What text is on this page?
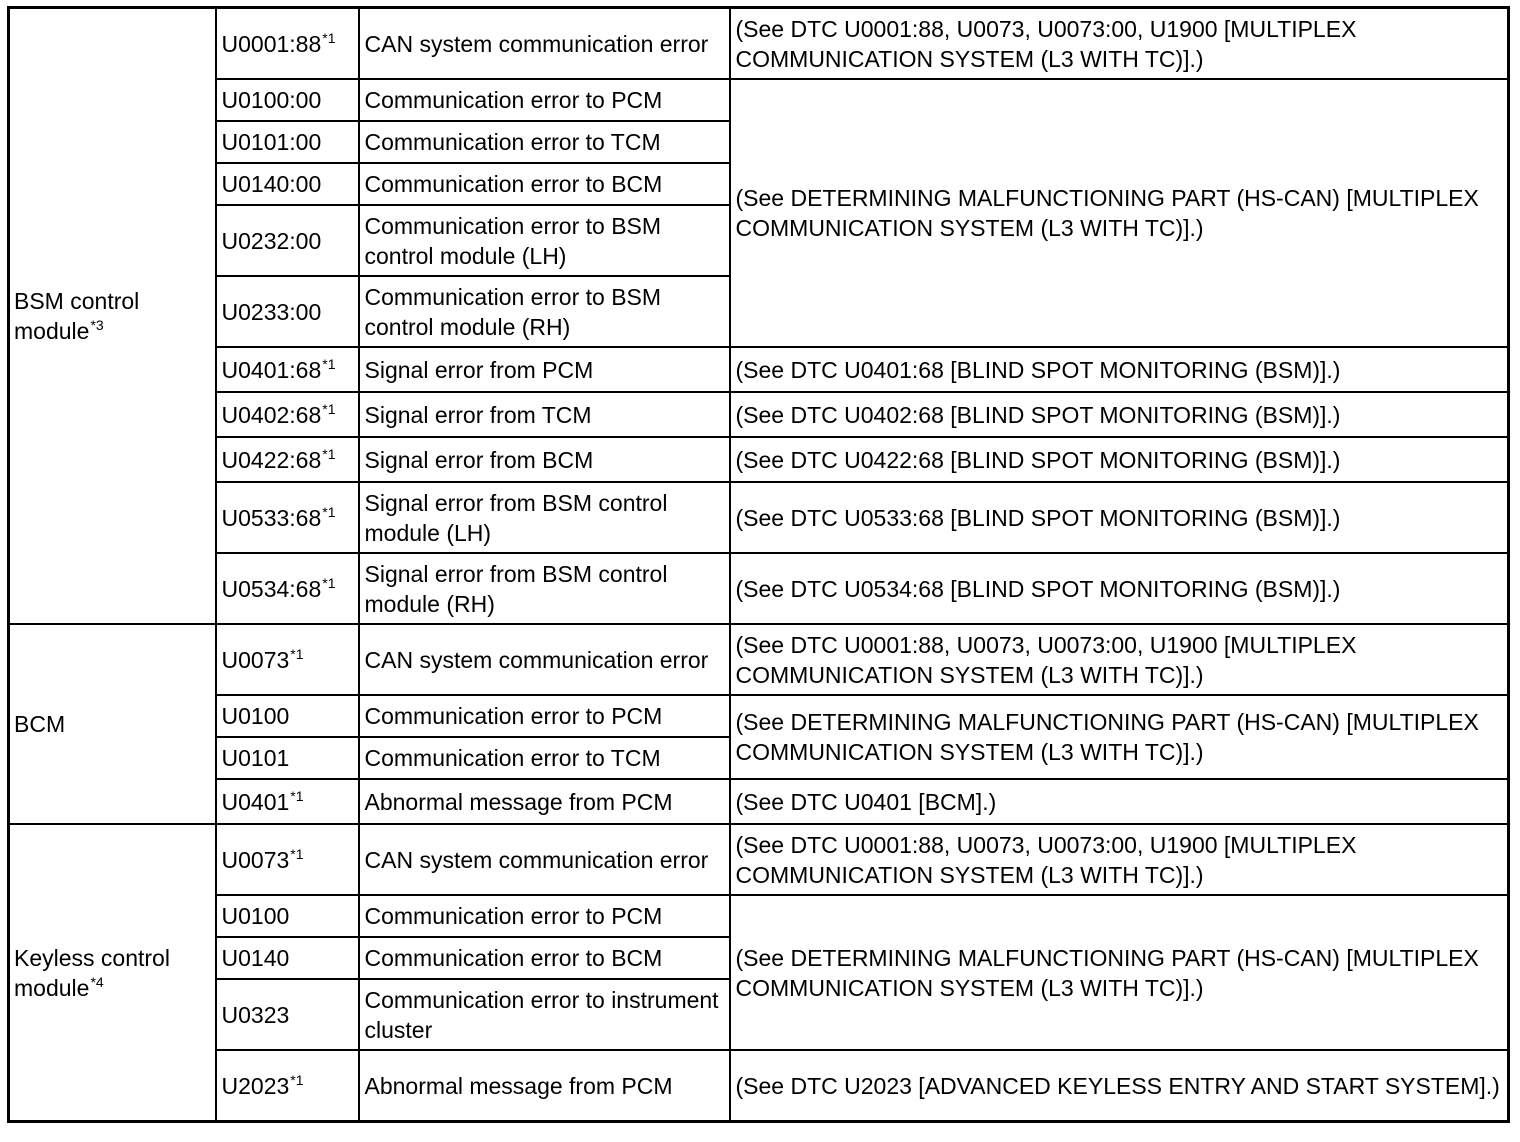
BSM control module$^{*3}$	U0001:88$^{*1}$	CAN system communication error	(See DTC U0001:88, U0073, U0073:00, U1900 [MULTIPLEX COMMUNICATION SYSTEM (L3 WITH TC)].)
	U0100:00	Communication error to PCM	(See DETERMINING MALFUNCTIONING PART (HS-CAN) [MULTIPLEX COMMUNICATION SYSTEM (L3 WITH TC)].)
	U0101:00	Communication error to TCM	
	U0140:00	Communication error to BCM	
	U0232:00	Communication error to BSM control module (LH)	
	U0233:00	Communication error to BSM control module (RH)	
	U0401:68$^{*1}$	Signal error from PCM	(See DTC U0401:68 [BLIND SPOT MONITORING (BSM)].)
	U0402:68$^{*1}$	Signal error from TCM	(See DTC U0402:68 [BLIND SPOT MONITORING (BSM)].)
	U0422:68$^{*1}$	Signal error from BCM	(See DTC U0422:68 [BLIND SPOT MONITORING (BSM)].)
	U0533:68$^{*1}$	Signal error from BSM control module (LH)	(See DTC U0533:68 [BLIND SPOT MONITORING (BSM)].)
	U0534:68$^{*1}$	Signal error from BSM control module (RH)	(See DTC U0534:68 [BLIND SPOT MONITORING (BSM)].)
BCM	U0073$^{*1}$	CAN system communication error	(See DTC U0001:88, U0073, U0073:00, U1900 [MULTIPLEX COMMUNICATION SYSTEM (L3 WITH TC)].)
	U0100	Communication error to PCM	(See DETERMINING MALFUNCTIONING PART (HS-CAN) [MULTIPLEX COMMUNICATION SYSTEM (L3 WITH TC)].)
	U0101	Communication error to TCM	
	U0401$^{*1}$	Abnormal message from PCM	(See DTC U0401 [BCM].)
Keyless control module$^{*4}$	U0073$^{*1}$	CAN system communication error	(See DTC U0001:88, U0073, U0073:00, U1900 [MULTIPLEX COMMUNICATION SYSTEM (L3 WITH TC)].)
	U0100	Communication error to PCM	(See DETERMINING MALFUNCTIONING PART (HS-CAN) [MULTIPLEX COMMUNICATION SYSTEM (L3 WITH TC)].)
	U0140	Communication error to BCM	
	U0323	Communication error to instrument cluster	
	U2023$^{*1}$	Abnormal message from PCM	(See DTC U2023 [ADVANCED KEYLESS ENTRY AND START SYSTEM].)
